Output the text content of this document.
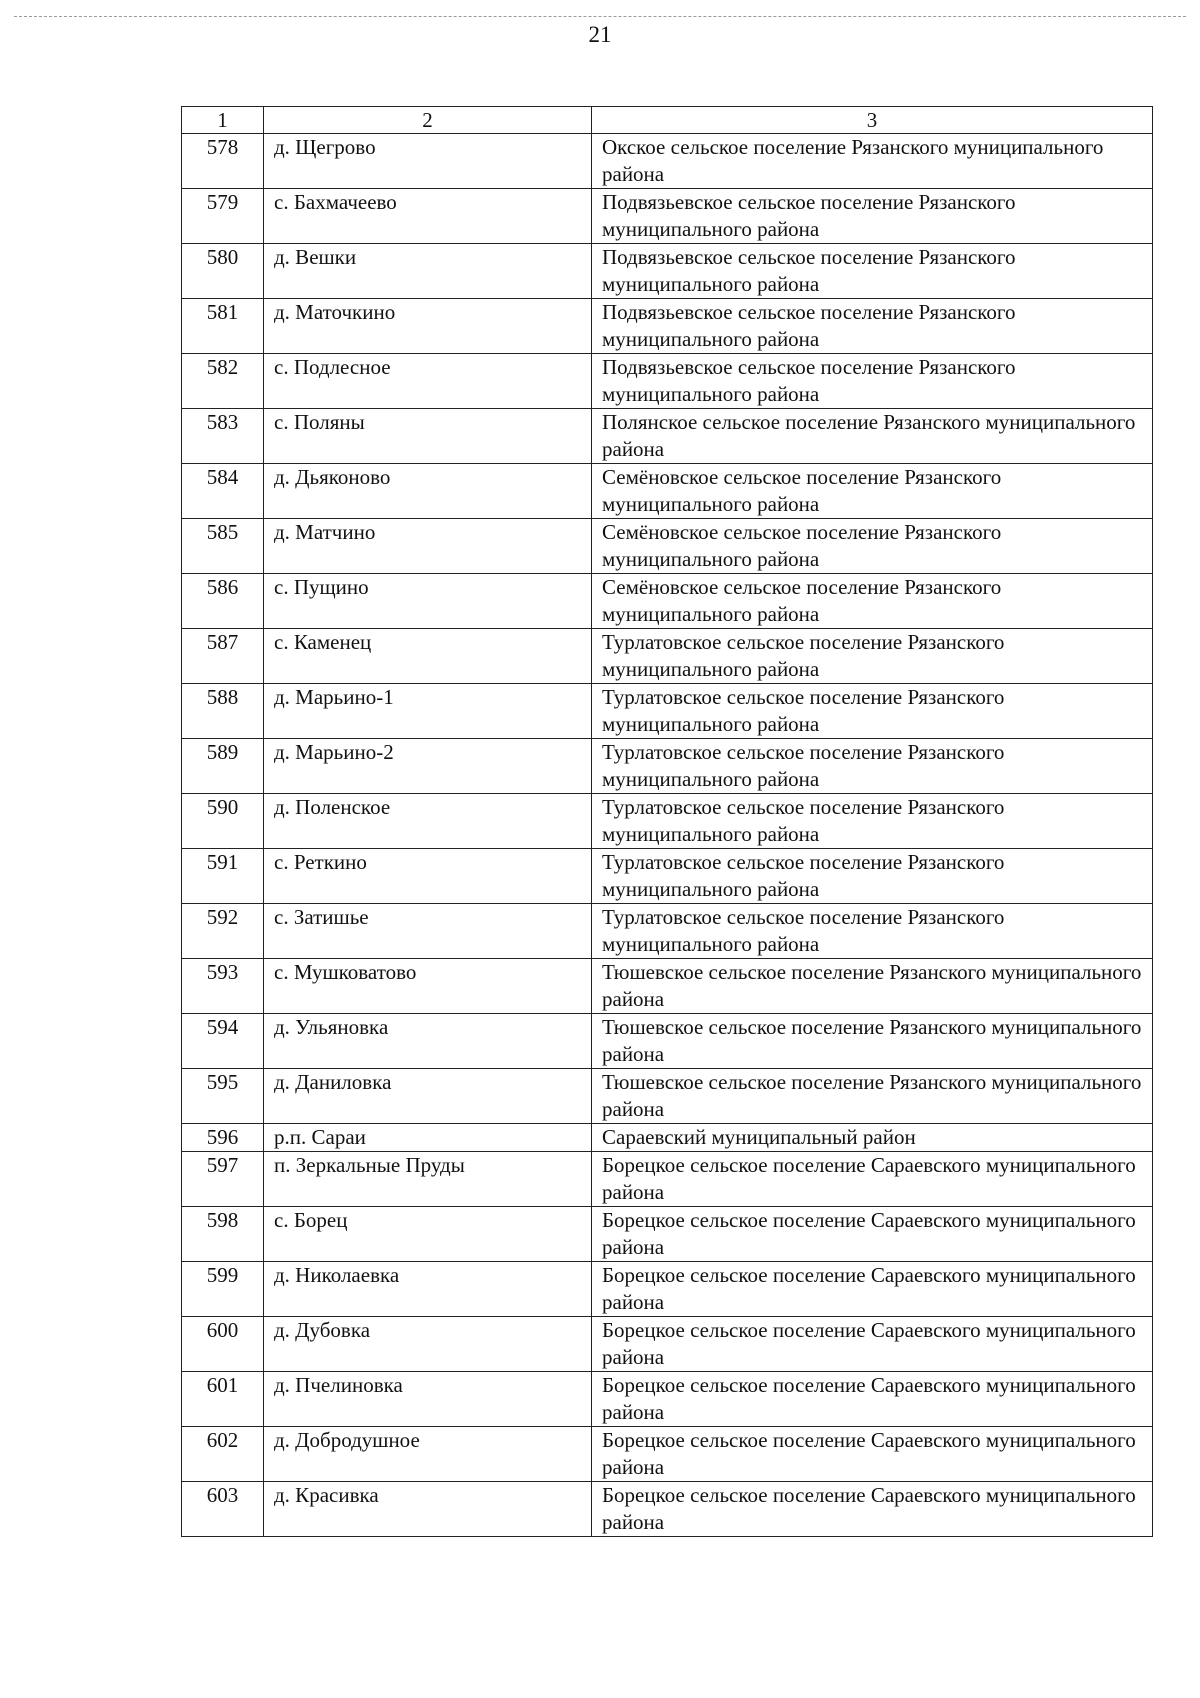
21
1	2	3
578	д. Щегрово	Окское сельское поселение Рязанского муниципального района
579	с. Бахмачеево	Подвязьевское сельское поселение Рязанского муниципального района
580	д. Вешки	Подвязьевское сельское поселение Рязанского муниципального района
581	д. Маточкино	Подвязьевское сельское поселение Рязанского муниципального района
582	с. Подлесное	Подвязьевское сельское поселение Рязанского муниципального района
583	с. Поляны	Полянское сельское поселение Рязанского муниципального района
584	д. Дьяконово	Семёновское сельское поселение Рязанского муниципального района
585	д. Матчино	Семёновское сельское поселение Рязанского муниципального района
586	с. Пущино	Семёновское сельское поселение Рязанского муниципального района
587	с. Каменец	Турлатовское сельское поселение Рязанского муниципального района
588	д. Марьино-1	Турлатовское сельское поселение Рязанского муниципального района
589	д. Марьино-2	Турлатовское сельское поселение Рязанского муниципального района
590	д. Поленское	Турлатовское сельское поселение Рязанского муниципального района
591	с. Реткино	Турлатовское сельское поселение Рязанского муниципального района
592	с. Затишье	Турлатовское сельское поселение Рязанского муниципального района
593	с. Мушковатово	Тюшевское сельское поселение Рязанского муниципального района
594	д. Ульяновка	Тюшевское сельское поселение Рязанского муниципального района
595	д. Даниловка	Тюшевское сельское поселение Рязанского муниципального района
596	р.п. Сараи	Сараевский муниципальный район
597	п. Зеркальные Пруды	Борецкое сельское поселение Сараевского муниципального района
598	с. Борец	Борецкое сельское поселение Сараевского муниципального района
599	д. Николаевка	Борецкое сельское поселение Сараевского муниципального района
600	д. Дубовка	Борецкое сельское поселение Сараевского муниципального района
601	д. Пчелиновка	Борецкое сельское поселение Сараевского муниципального района
602	д. Добродушное	Борецкое сельское поселение Сараевского муниципального района
603	д. Красивка	Борецкое сельское поселение Сараевского муниципального района
